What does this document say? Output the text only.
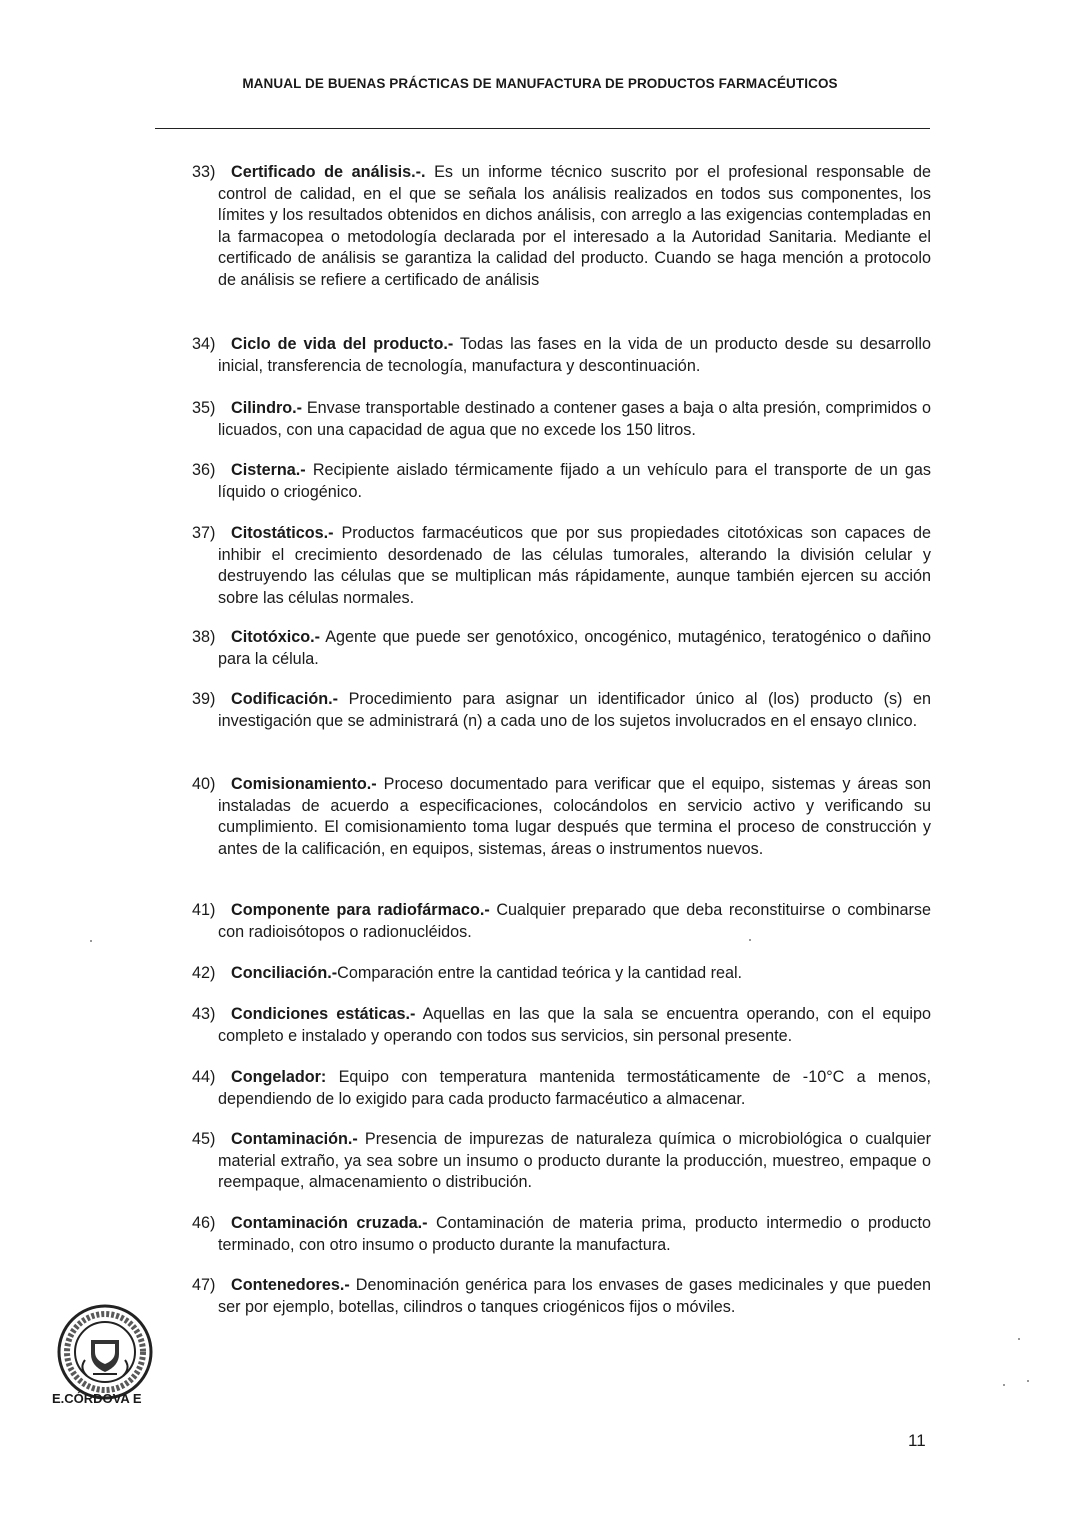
MANUAL DE BUENAS PRÁCTICAS DE MANUFACTURA DE PRODUCTOS FARMACÉUTICOS
33) Certificado de análisis.-. Es un informe técnico suscrito por el profesional responsable de control de calidad, en el que se señala los análisis realizados en todos sus componentes, los límites y los resultados obtenidos en dichos análisis, con arreglo a las exigencias contempladas en la farmacopea o metodología declarada por el interesado a la Autoridad Sanitaria. Mediante el certificado de análisis se garantiza la calidad del producto. Cuando se haga mención a protocolo de análisis se refiere a certificado de análisis
34) Ciclo de vida del producto.- Todas las fases en la vida de un producto desde su desarrollo inicial, transferencia de tecnología, manufactura y descontinuación.
35) Cilindro.- Envase transportable destinado a contener gases a baja o alta presión, comprimidos o licuados, con una capacidad de agua que no excede los 150 litros.
36) Cisterna.- Recipiente aislado térmicamente fijado a un vehículo para el transporte de un gas líquido o criogénico.
37) Citostáticos.- Productos farmacéuticos que por sus propiedades citotóxicas son capaces de inhibir el crecimiento desordenado de las células tumorales, alterando la división celular y destruyendo las células que se multiplican más rápidamente, aunque también ejercen su acción sobre las células normales.
38) Citotóxico.- Agente que puede ser genotóxico, oncogénico, mutagénico, teratogénico o dañino para la célula.
39) Codificación.- Procedimiento para asignar un identificador único al (los) producto (s) en investigación que se administrará (n) a cada uno de los sujetos involucrados en el ensayo clınico.
40) Comisionamiento.- Proceso documentado para verificar que el equipo, sistemas y áreas son instaladas de acuerdo a especificaciones, colocándolos en servicio activo y verificando su cumplimiento. El comisionamiento toma lugar después que termina el proceso de construcción y antes de la calificación, en equipos, sistemas, áreas o instrumentos nuevos.
41) Componente para radiofármaco.- Cualquier preparado que deba reconstituirse o combinarse con radioisótopos o radionucléidos.
42) Conciliación.-Comparación entre la cantidad teórica y la cantidad real.
43) Condiciones estáticas.- Aquellas en las que la sala se encuentra operando, con el equipo completo e instalado y operando con todos sus servicios, sin personal presente.
44) Congelador: Equipo con temperatura mantenida termostáticamente de -10°C a menos, dependiendo de lo exigido para cada producto farmacéutico a almacenar.
45) Contaminación.- Presencia de impurezas de naturaleza química o microbiológica o cualquier material extraño, ya sea sobre un insumo o producto durante la producción, muestreo, empaque o reempaque, almacenamiento o distribución.
46) Contaminación cruzada.- Contaminación de materia prima, producto intermedio o producto terminado, con otro insumo o producto durante la manufactura.
47) Contenedores.- Denominación genérica para los envases de gases medicinales y que pueden ser por ejemplo, botellas, cilindros o tanques criogénicos fijos o móviles.
E.CÓRDOVA E
11
